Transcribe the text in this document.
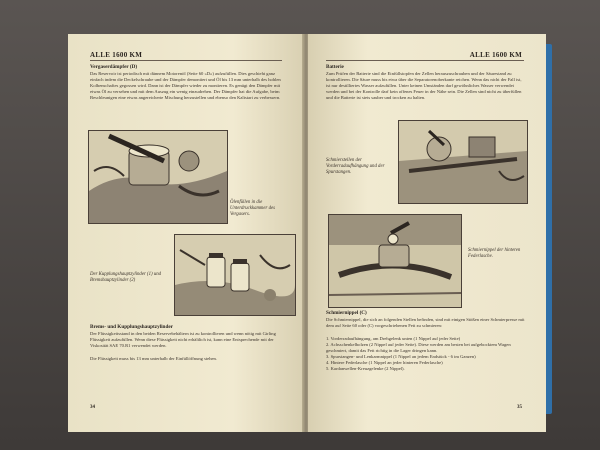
ALLE 1600 KM
Vergaserdämpfer (D)
Das Reservoir ist periodisch mit dünnem Motorenöl (Seite 60 »D«) aufzufüllen. Dies geschieht ganz einfach indem die Deckelschraube und der Dämpfer demontiert und Öl bis 13 mm unterhalb des hohlen Kolbenschaftes gegossen wird. Dann ist der Dämpfer wieder zu montieren. Es genügt den Dämpfer mit etwas Öl zu versehen und mit dem Auszug ein wenig einzudrehen. Der Dämpfer hat die Aufgabe, beim Beschleunigen eine etwas angereicherte Mischung herzustellen und ebenso den Kaltstart zu verbessern.
Ölenfüllen in die Unterdruckkammer des Vergasers.
Der Kupplungshauptzylinder (1) und Bremshauptzylinder (2)
Brems- und Kupplungshauptzylinder
Der Flüssigkeitsstand in den beiden Reservebehältern ist zu kontrollieren und wenn nötig mit Girling Flüssigkeit aufzufüllen. Wenn diese Flüssigkeit nicht erhältlich ist, kann eine Entsprechende mit der Viskosität SAE 70.R1 verwendet werden.
Die Flüssigkeit muss bis 13 mm unterhalb der Einfüllöffnung stehen.
34
ALLE 1600 KM
Batterie
Zum Prüfen der Batterie sind die Einfüllstopfen der Zellen herauszuschrauben und der Säurestand zu kontrollieren. Die Säure muss bis etwa über die Separatorenoberkante reichen. Wenn das nicht der Fall ist, ist nur destilliertes Wasser aufzufüllen. Unter keinen Umständen darf gewöhnliches Wasser verwendet werden und bei der Kontrolle darf kein offenes Feuer in der Nähe sein. Die Zellen sind nicht zu überfüllen und die Batterie ist stets sauber und trocken zu halten.
Schmierstellen der Vorderradaufhängung und der Spurstangen.
Schmiernippel der hinteren Federlasche.
Schmiernippel (C)
Die Schmiernippel, die sich an folgenden Stellen befinden, sind mit einigen Stößen einer Schmierpresse mit dem auf Seite 60 oder (C) vorgeschriebenen Fett zu schmieren:
1. Vorderradaufhängung, am Drehgelenk unten (1 Nippel auf jeder Seite)
2. Achsschenkelbolzen (2 Nippel auf jeder Seite). Diese werden am besten bei aufgebocktem Wagen geschmiert, damit das Fett richtig in die Lager dringen kann.
3. Spurstangen- und Lenkarmnippel (1 Nippel an jedem Endstück - 6 im Ganzen)
4. Hintere Federlasche (1 Nippel an jeder hinteren Federlasche)
5. Kardanwellen-Kreuzgelenke (2 Nippel).
35
